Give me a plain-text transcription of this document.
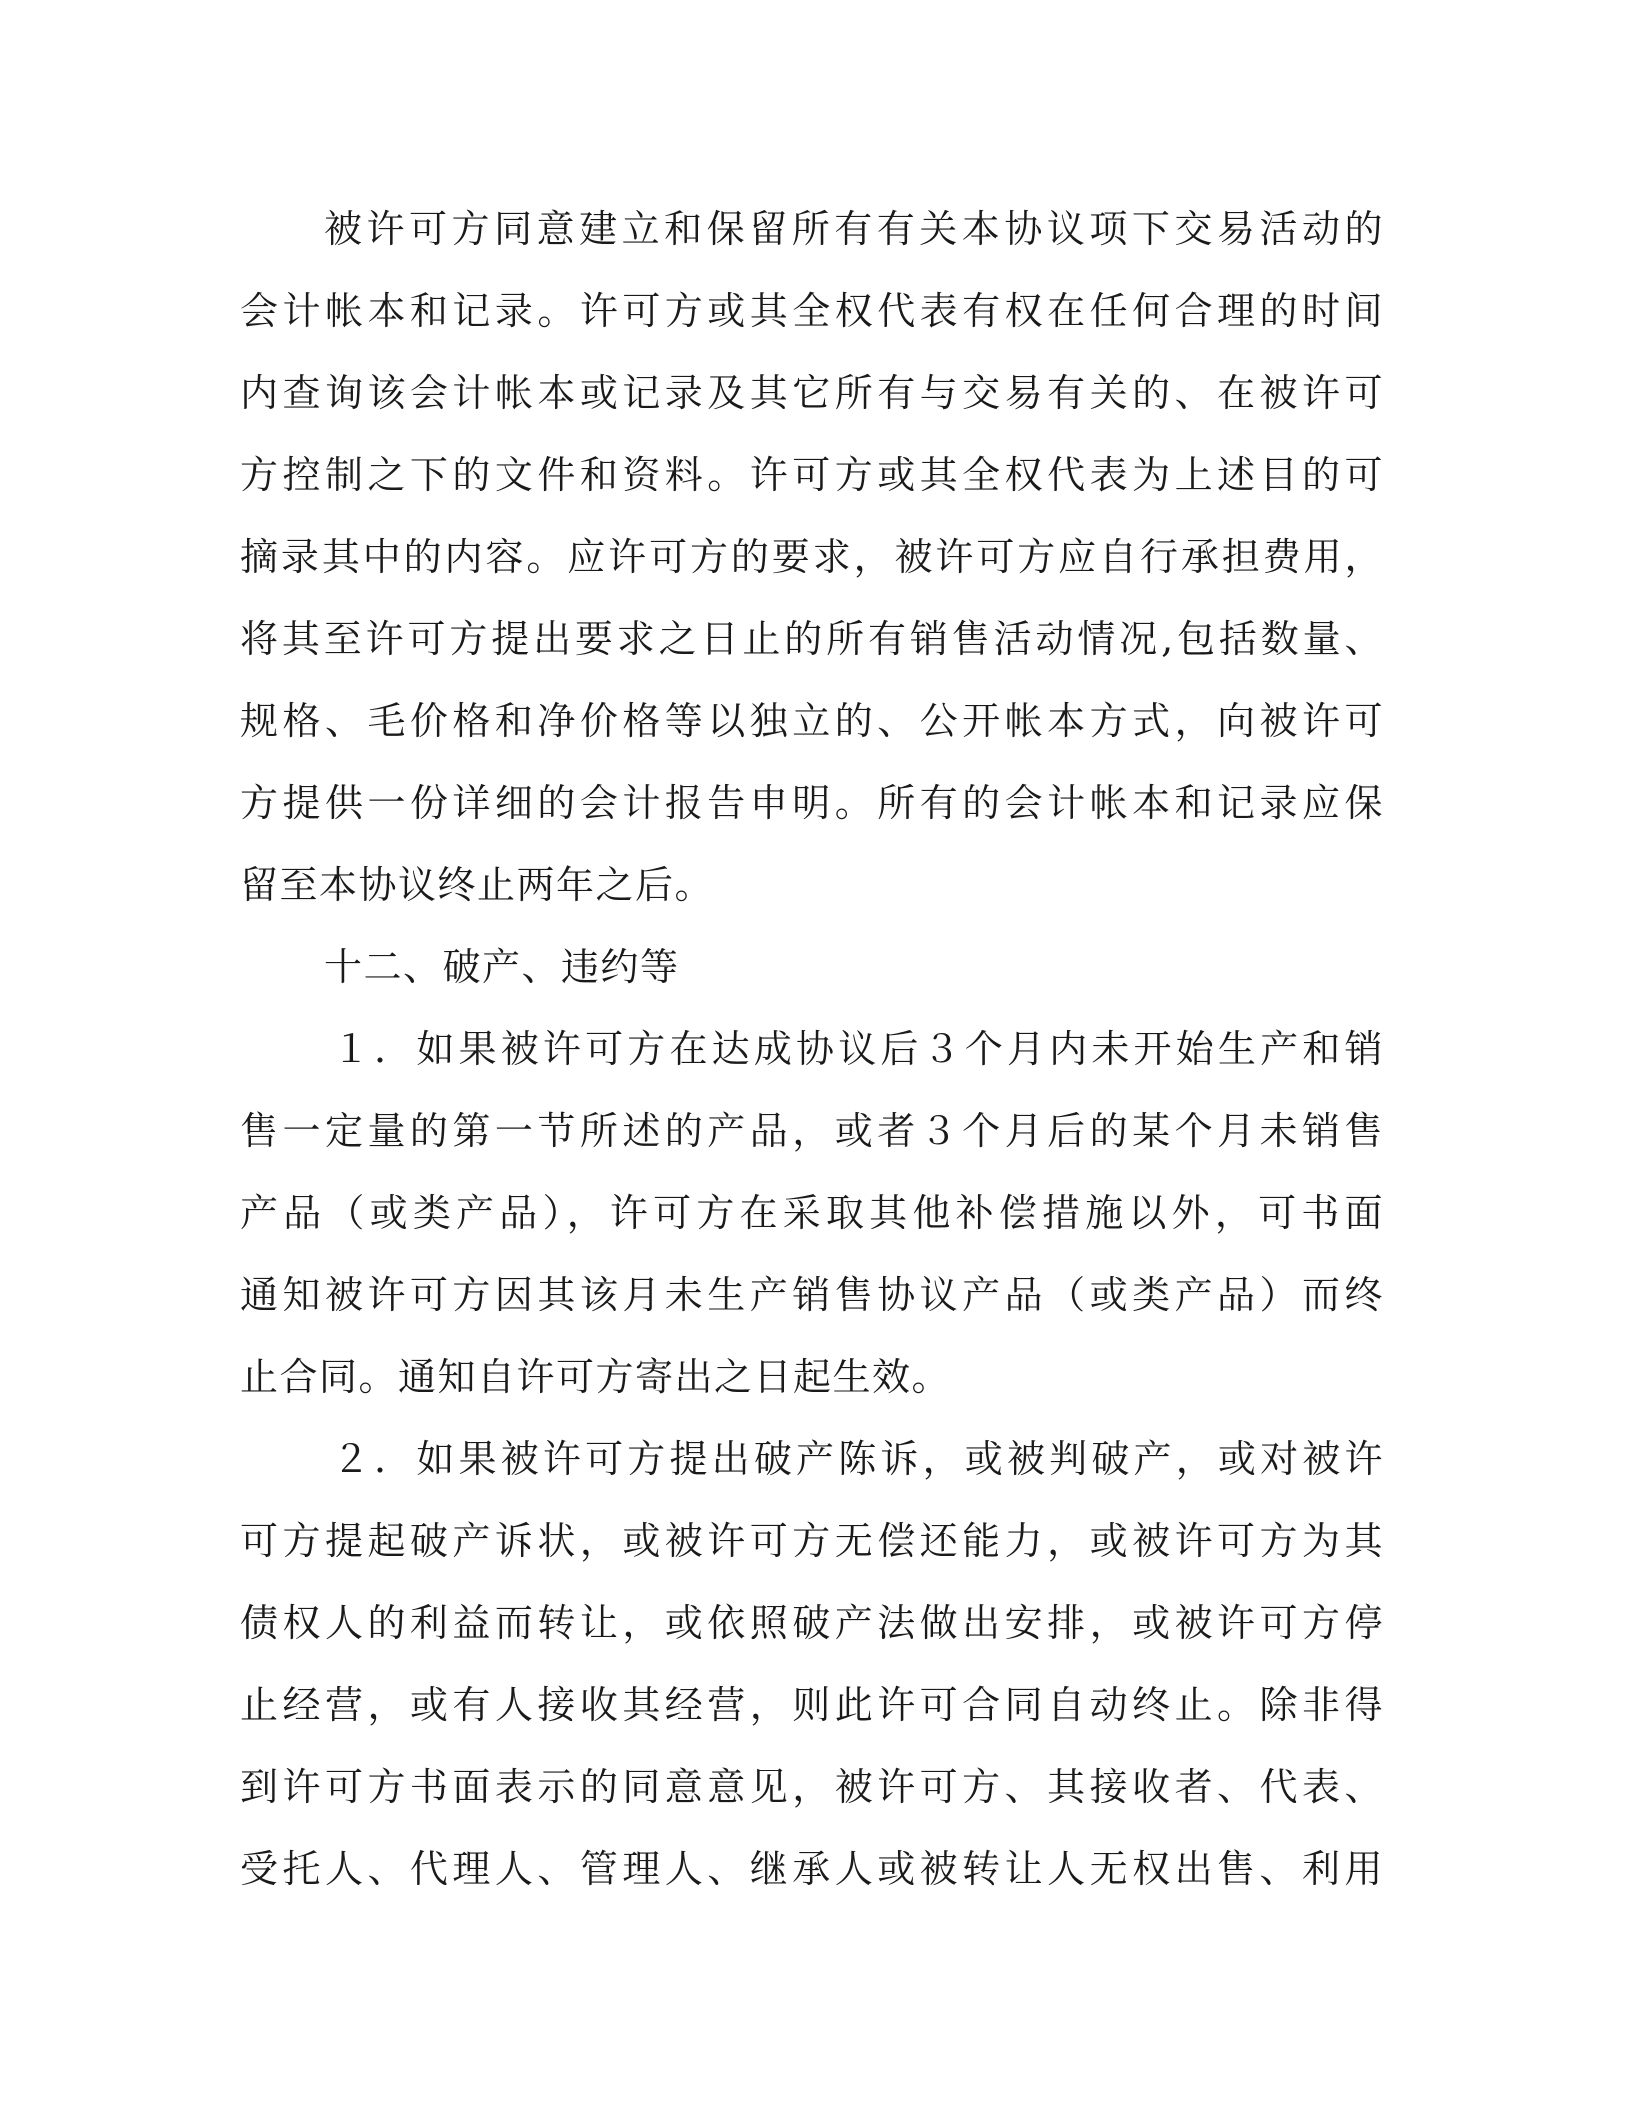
被许可方同意建立和保留所有有关本协议项下交易活动的
会计帐本和记录。许可方或其全权代表有权在任何合理的时间
内查询该会计帐本或记录及其它所有与交易有关的、在被许可
方控制之下的文件和资料。许可方或其全权代表为上述目的可
摘录其中的内容。应许可方的要求，被许可方应自行承担费用，
将其至许可方提出要求之日止的所有销售活动情况,包括数量、
规格、毛价格和净价格等以独立的、公开帐本方式，向被许可
方提供一份详细的会计报告申明。所有的会计帐本和记录应保
留至本协议终止两年之后。
十二、破产、违约等
１．如果被许可方在达成协议后３个月内未开始生产和销
售一定量的第一节所述的产品，或者３个月后的某个月未销售
产品（或类产品），许可方在采取其他补偿措施以外，可书面
通知被许可方因其该月未生产销售协议产品（或类产品）而终
止合同。通知自许可方寄出之日起生效。
２．如果被许可方提出破产陈诉，或被判破产，或对被许
可方提起破产诉状，或被许可方无偿还能力，或被许可方为其
债权人的利益而转让，或依照破产法做出安排，或被许可方停
止经营，或有人接收其经营，则此许可合同自动终止。除非得
到许可方书面表示的同意意见，被许可方、其接收者、代表、
受托人、代理人、管理人、继承人或被转让人无权出售、利用
